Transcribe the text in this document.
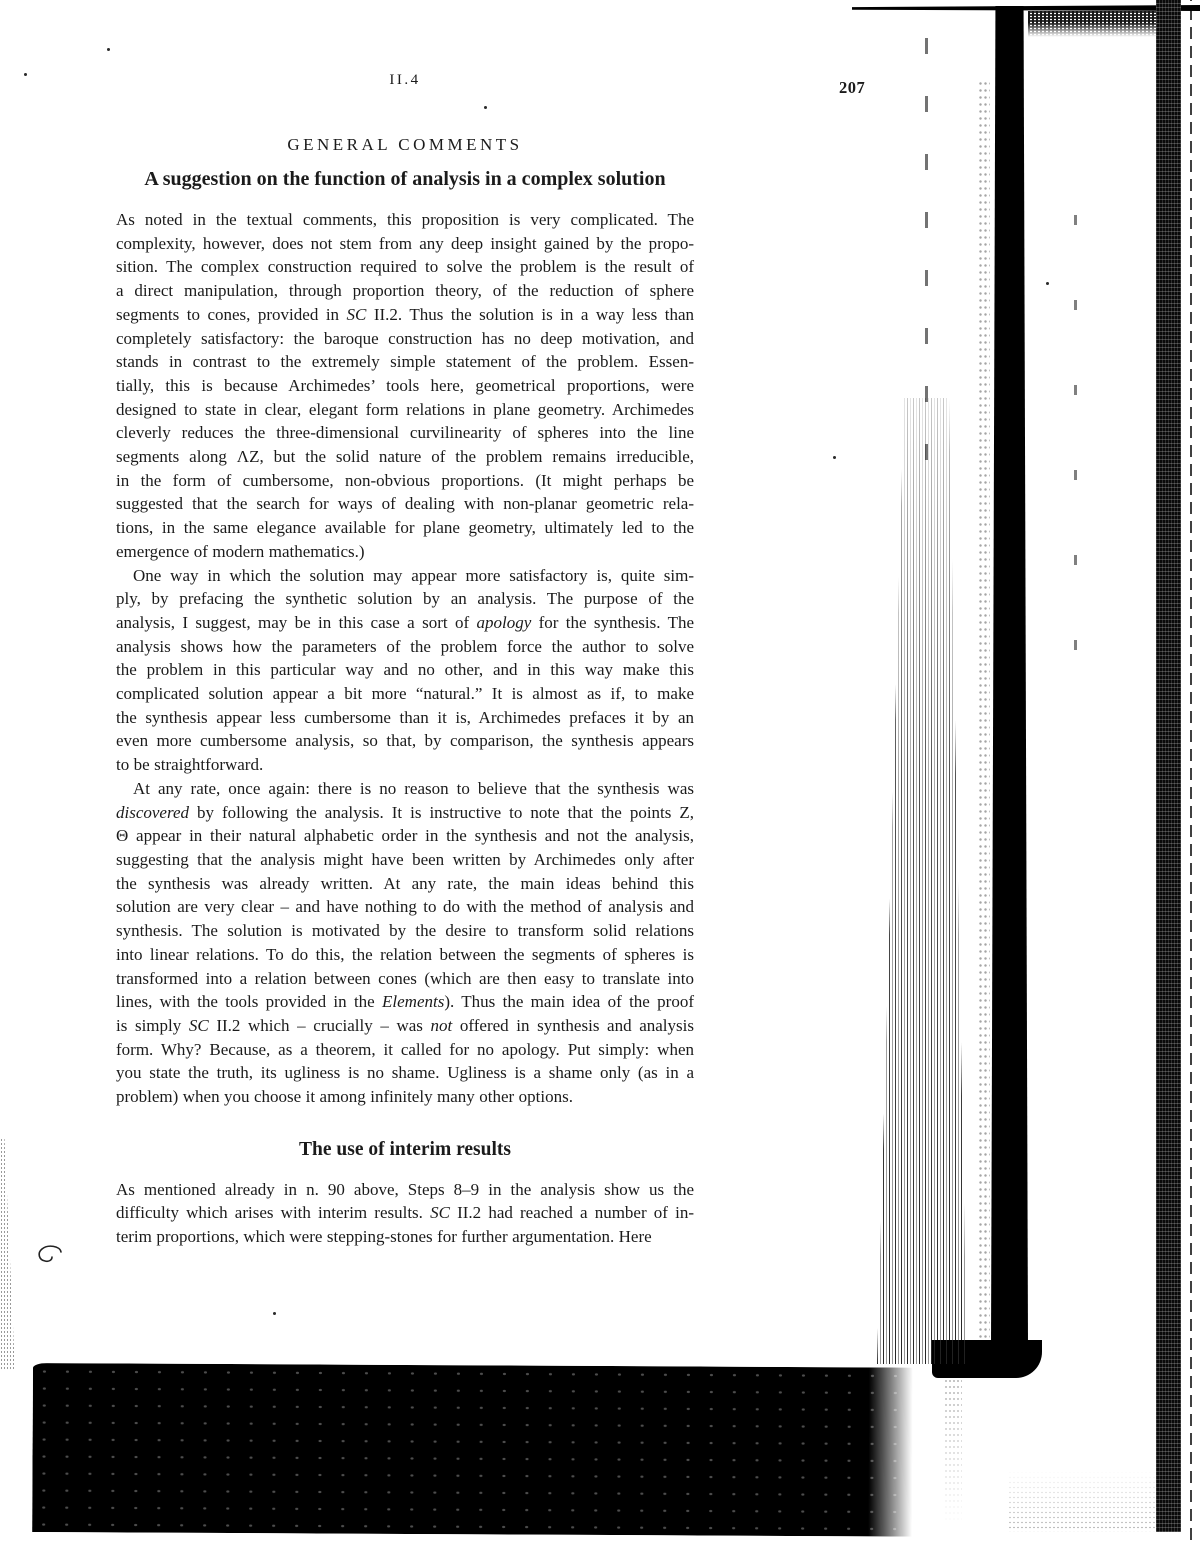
II.4
GENERAL COMMENTS
A suggestion on the function of analysis in a complex solution
As noted in the textual comments, this proposition is very complicated. The
complexity, however, does not stem from any deep insight gained by the propo-
sition. The complex construction required to solve the problem is the result of
a direct manipulation, through proportion theory, of the reduction of sphere
segments to cones, provided in SC II.2. Thus the solution is in a way less than
completely satisfactory: the baroque construction has no deep motivation, and
stands in contrast to the extremely simple statement of the problem. Essen-
tially, this is because Archimedes’ tools here, geometrical proportions, were
designed to state in clear, elegant form relations in plane geometry. Archimedes
cleverly reduces the three-dimensional curvilinearity of spheres into the line
segments along ΛZ, but the solid nature of the problem remains irreducible,
in the form of cumbersome, non-obvious proportions. (It might perhaps be
suggested that the search for ways of dealing with non-planar geometric rela-
tions, in the same elegance available for plane geometry, ultimately led to the
emergence of modern mathematics.)
One way in which the solution may appear more satisfactory is, quite sim-
ply, by prefacing the synthetic solution by an analysis. The purpose of the
analysis, I suggest, may be in this case a sort of apology for the synthesis. The
analysis shows how the parameters of the problem force the author to solve
the problem in this particular way and no other, and in this way make this
complicated solution appear a bit more “natural.” It is almost as if, to make
the synthesis appear less cumbersome than it is, Archimedes prefaces it by an
even more cumbersome analysis, so that, by comparison, the synthesis appears
to be straightforward.
At any rate, once again: there is no reason to believe that the synthesis was
discovered by following the analysis. It is instructive to note that the points Z,
Θ appear in their natural alphabetic order in the synthesis and not the analysis,
suggesting that the analysis might have been written by Archimedes only after
the synthesis was already written. At any rate, the main ideas behind this
solution are very clear – and have nothing to do with the method of analysis and
synthesis. The solution is motivated by the desire to transform solid relations
into linear relations. To do this, the relation between the segments of spheres is
transformed into a relation between cones (which are then easy to translate into
lines, with the tools provided in the Elements). Thus the main idea of the proof
is simply SC II.2 which – crucially – was not offered in synthesis and analysis
form. Why? Because, as a theorem, it called for no apology. Put simply: when
you state the truth, its ugliness is no shame. Ugliness is a shame only (as in a
problem) when you choose it among infinitely many other options.
The use of interim results
As mentioned already in n. 90 above, Steps 8–9 in the analysis show us the
difficulty which arises with interim results. SC II.2 had reached a number of in-
terim proportions, which were stepping-stones for further argumentation. Here
207
